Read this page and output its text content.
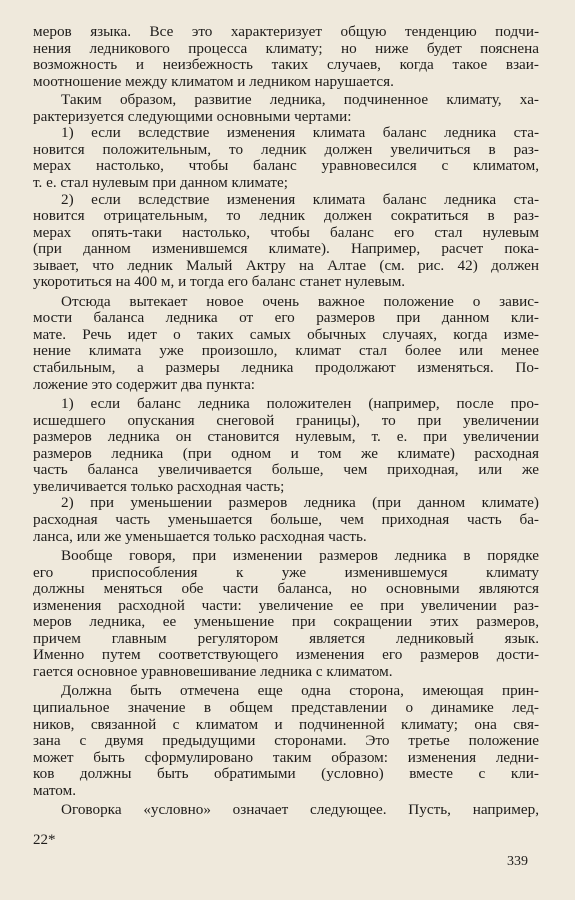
меров языка. Все это характеризует общую тенденцию подчи-
нения ледникового процесса климату; но ниже будет пояснена
возможность и неизбежность таких случаев, когда такое взаи-
моотношение между климатом и ледником нарушается.
Таким образом, развитие ледника, подчиненное климату, ха-
рактеризуется следующими основными чертами:
1) если вследствие изменения климата баланс ледника ста-
новится положительным, то ледник должен увеличиться в раз-
мерах настолько, чтобы баланс уравновесился с климатом,
т. е. стал нулевым при данном климате;
2) если вследствие изменения климата баланс ледника ста-
новится отрицательным, то ледник должен сократиться в раз-
мерах опять-таки настолько, чтобы баланс его стал нулевым
(при данном изменившемся климате). Например, расчет пока-
зывает, что ледник Малый Актру на Алтае (см. рис. 42) должен
укоротиться на 400 м, и тогда его баланс станет нулевым.
Отсюда вытекает новое очень важное положение о завис-
мости баланса ледника от его размеров при данном кли-
мате. Речь идет о таких самых обычных случаях, когда изме-
нение климата уже произошло, климат стал более или менее
стабильным, а размеры ледника продолжают изменяться. По-
ложение это содержит два пункта:
1) если баланс ледника положителен (например, после про-
исшедшего опускания снеговой границы), то при увеличении
размеров ледника он становится нулевым, т. е. при увеличении
размеров ледника (при одном и том же климате) расходная
часть баланса увеличивается больше, чем приходная, или же
увеличивается только расходная часть;
2) при уменьшении размеров ледника (при данном климате)
расходная часть уменьшается больше, чем приходная часть ба-
ланса, или же уменьшается только расходная часть.
Вообще говоря, при изменении размеров ледника в порядке
его приспособления к уже изменившемуся климату
должны меняться обе части баланса, но основными являются
изменения расходной части: увеличение ее при увеличении раз-
меров ледника, ее уменьшение при сокращении этих размеров,
причем главным регулятором является ледниковый язык.
Именно путем соответствующего изменения его размеров дости-
гается основное уравновешивание ледника с климатом.
Должна быть отмечена еще одна сторона, имеющая прин-
ципиальное значение в общем представлении о динамике лед-
ников, связанной с климатом и подчиненной климату; она свя-
зана с двумя предыдущими сторонами. Это третье положение
может быть сформулировано таким образом: изменения ледни-
ков должны быть обратимыми (условно) вместе с кли-
матом.
Оговорка «условно» означает следующее. Пусть, например,
22*
339
